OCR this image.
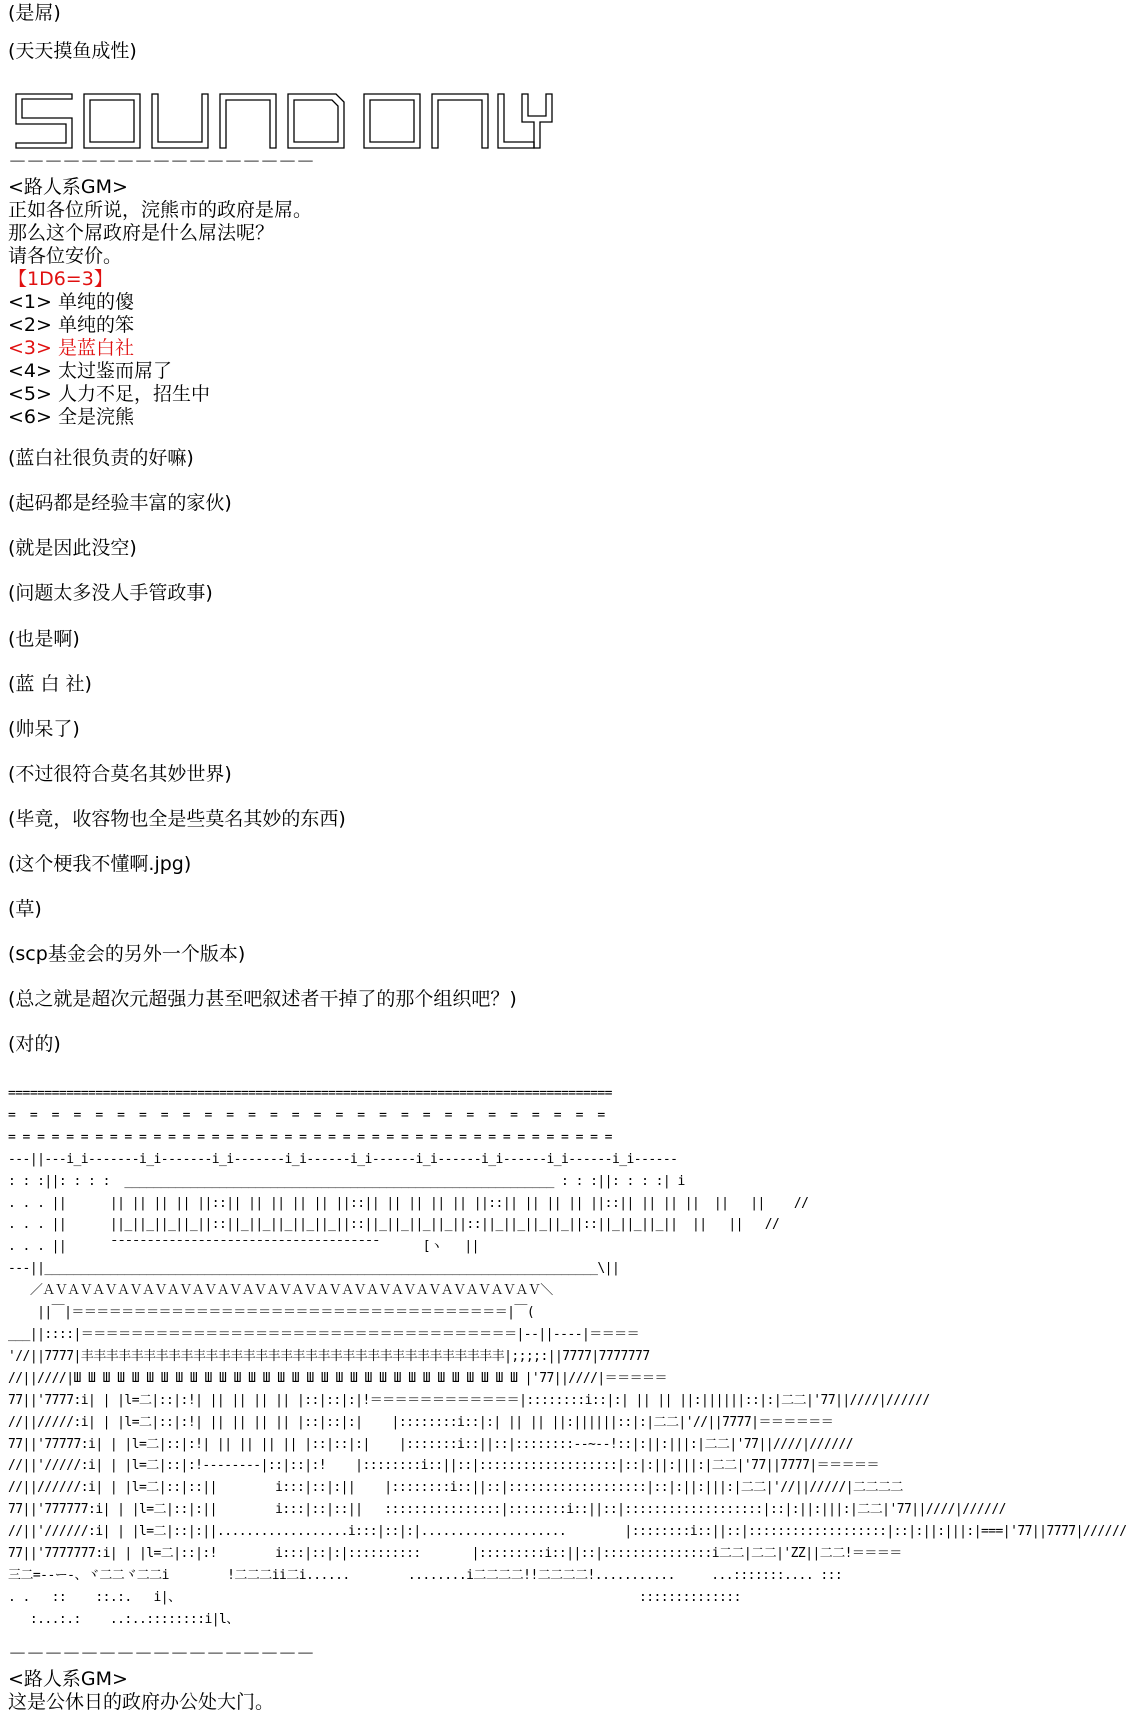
(是屌)
(天天摸鱼成性)
－－－－－－－－－－－－－－－－－
<路人系GM>
正如各位所说，浣熊市的政府是屌。
那么这个屌政府是什么屌法呢？
请各位安价。
【1D6=3】
<1> 单纯的傻
<2> 单纯的笨
<3> 是蓝白社
<4> 太过鉴而屌了
<5> 人力不足，招生中
<6> 全是浣熊
(蓝白社很负责的好嘛)
(起码都是经验丰富的家伙)
(就是因此没空)
(问题太多没人手管政事)
(也是啊)
(蓝 白 社)
(帅呆了)
(不过很符合莫名其妙世界)
(毕竟，收容物也全是些莫名其妙的东西)
(这个梗我不懂啊.jpg)
(草)
(scp基金会的另外一个版本)
(总之就是超次元超强力甚至吧叙述者干掉了的那个组织吧？)
(对的)
===================================================================================
=  =  =  =  =  =  =  =  =  =  =  =  =  =  =  =  =  =  =  =  =  =  =  =  =  =  =  =
= = = = = = = = = = = = = = = = = = = = = = = = = = = = = = = = = = = = = = = = = =
---||---i_i-------i_i-------i_i-------i_i------i_i------i_i------i_i------i_i------i_i------
: : :||: : : :  ___________________________________________________________ : : :||: : : :| i
. . . ||      || || || || ||::|| || || || || ||::|| || || || || ||::|| || || || ||::|| || || ||  ||   ||    //
. . . ||      ||_||_||_||_||::||_||_||_||_||_||::||_||_||_||_||::||_||_||_||_||::||_||_||_||  ||   ||   //
. . . ||      ̄ ̄ ̄ ̄ ̄ ̄ ̄ ̄ ̄ ̄ ̄ ̄ ̄ ̄ ̄ ̄ ̄ ̄ ̄ ̄ ̄ ̄ ̄ ̄ ̄ ̄ ̄ ̄ ̄ ̄ ̄ ̄ ̄ ̄ ̄ ̄ ̄       [ヽ   ||
---||____________________________________________________________________________\||
／ＡＶＡＶＡＶＡＶＡＶＡＶＡＶＡＶＡＶＡＶＡＶＡＶＡＶＡＶＡＶＡＶＡＶＡＶＡＶＡＶ＼
||￣|＝＝＝＝＝＝＝＝＝＝＝＝＝＝＝＝＝＝＝＝＝＝＝＝＝＝＝＝＝＝＝＝＝＝＝|￣(
___||::::|＝＝＝＝＝＝＝＝＝＝＝＝＝＝＝＝＝＝＝＝＝＝＝＝＝＝＝＝＝＝＝＝＝＝＝|--||----|＝＝＝＝
'//||7777|丰丰丰丰丰丰丰丰丰丰丰丰丰丰丰丰丰丰丰丰丰丰丰丰丰丰丰丰丰丰丰丰丰丰|;;;;:||7777|7777777
//||////|Ш Ш Ш Ш Ш Ш Ш Ш Ш Ш Ш Ш Ш Ш Ш Ш Ш Ш Ш Ш Ш Ш Ш Ш Ш Ш Ш Ш Ш Ш Ш |'77||////|＝＝＝＝＝
77||'7777:i| | |l=二|::|:!| || || || || |::|::|:|!＝＝＝＝＝＝＝＝＝＝＝＝|::::::::i::|:| || || ||:||||||::|:|二二|'77||////|//////
//||/////:i| | |l=二|::|:!| || || || || |::|::|:|    |::::::::i::|:| || || ||:||||||::|:|二二|'//||7777|＝＝＝＝＝＝
77||'77777:i| | |l=二|::|:!| || || || || |::|::|:|    |:::::::i::||::|::::::::--~--!::|:||:|||:|二二|'77||////|//////
//||'/////:i| | |l=二|::|:!--------|::|::|:!    |::::::::i::||::|:::::::::::::::::::|::|:||:|||:|二二|'77||7777|＝＝＝＝＝
//||//////:i| | |l=二|::|::||        i:::|::|:||    |::::::::i::||::|:::::::::::::::::::|::|:||:|||:|二二|'//||/////|二二二二
77||'777777:i| | |l=二|::|:||        i:::|::|::||   ::::::::::::::::|::::::::i::||::|:::::::::::::::::::|::|:||:|||:|二二|'77||////|//////
//||'//////:i| | |l=二|::|:||..................i:::|::|:|....................        |::::::::i::||::|:::::::::::::::::::|::|:||:|||:|===|'77||7777|//////
77||'7777777:i| | |l=二|::|:!        i:::|::|:|::::::::::       |:::::::::i::||::|:::::::::::::::i二二|二二|'ZZ||二二!＝＝＝＝
三二=--ー-、ヾ二二ヾ二二i        !二二二ii二i......        ........i二二二二!!二二二二!...........     ...:::::::.... :::
. .   ::    ::.:.   i|、                                                               ::::::::::::::
:...:.:    ..:..::::::::i|l、
－－－－－－－－－－－－－－－－－
<路人系GM>
这是公休日的政府办公处大门。
